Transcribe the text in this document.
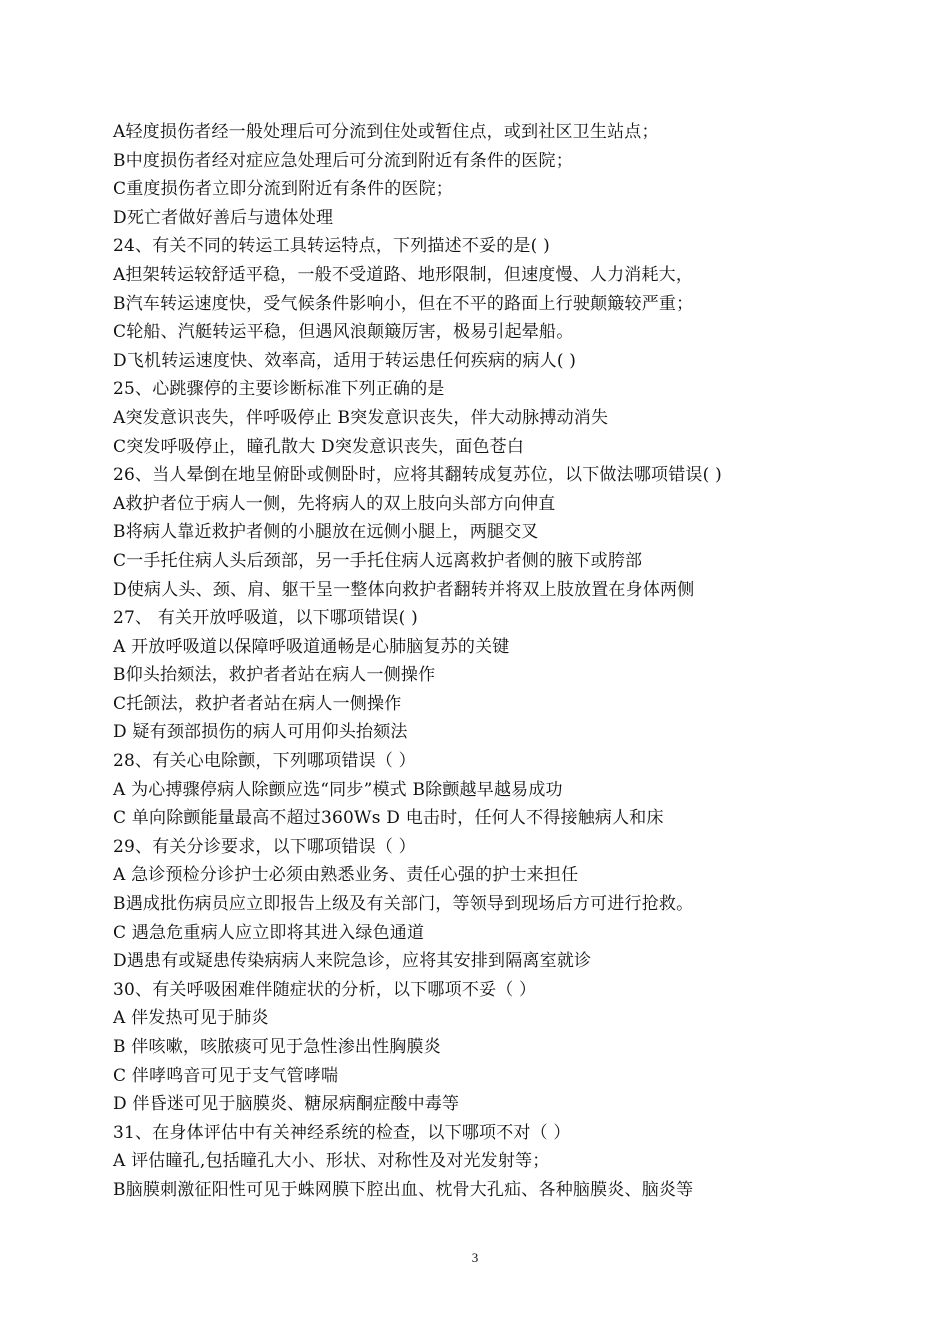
A轻度损伤者经一般处理后可分流到住处或暂住点，或到社区卫生站点；
B中度损伤者经对症应急处理后可分流到附近有条件的医院；
C重度损伤者立即分流到附近有条件的医院；
D死亡者做好善后与遗体处理
24、有关不同的转运工具转运特点，下列描述不妥的是( )
A担架转运较舒适平稳，一般不受道路、地形限制，但速度慢、人力消耗大，
B汽车转运速度快，受气候条件影响小，但在不平的路面上行驶颠簸较严重；
C轮船、汽艇转运平稳，但遇风浪颠簸厉害，极易引起晕船。
D飞机转运速度快、效率高，适用于转运患任何疾病的病人( )
25、心跳骤停的主要诊断标准下列正确的是
A突发意识丧失，伴呼吸停止 B突发意识丧失，伴大动脉搏动消失
C突发呼吸停止，瞳孔散大 D突发意识丧失，面色苍白
26、当人晕倒在地呈俯卧或侧卧时，应将其翻转成复苏位，以下做法哪项错误( )
A救护者位于病人一侧，先将病人的双上肢向头部方向伸直
B将病人靠近救护者侧的小腿放在远侧小腿上，两腿交叉
C一手托住病人头后颈部，另一手托住病人远离救护者侧的腋下或胯部
D使病人头、颈、肩、躯干呈一整体向救护者翻转并将双上肢放置在身体两侧
27、 有关开放呼吸道，以下哪项错误( )
A 开放呼吸道以保障呼吸道通畅是心肺脑复苏的关键
B仰头抬颏法，救护者者站在病人一侧操作
C托颌法，救护者者站在病人一侧操作
D 疑有颈部损伤的病人可用仰头抬颏法
28、有关心电除颤，下列哪项错误（ ）
A 为心搏骤停病人除颤应选“同步”模式 B除颤越早越易成功
C 单向除颤能量最高不超过360Ws D 电击时，任何人不得接触病人和床
29、有关分诊要求，以下哪项错误（ ）
A 急诊预检分诊护士必须由熟悉业务、责任心强的护士来担任
B遇成批伤病员应立即报告上级及有关部门，等领导到现场后方可进行抢救。
C 遇急危重病人应立即将其进入绿色通道
D遇患有或疑患传染病病人来院急诊，应将其安排到隔离室就诊
30、有关呼吸困难伴随症状的分析，以下哪项不妥（ ）
A 伴发热可见于肺炎
B 伴咳嗽，咳脓痰可见于急性渗出性胸膜炎
C 伴哮鸣音可见于支气管哮喘
D 伴昏迷可见于脑膜炎、糖尿病酮症酸中毒等
31、在身体评估中有关神经系统的检查，以下哪项不对（ ）
A 评估瞳孔,包括瞳孔大小、形状、对称性及对光发射等；
B脑膜刺激征阳性可见于蛛网膜下腔出血、枕骨大孔疝、各种脑膜炎、脑炎等
3
